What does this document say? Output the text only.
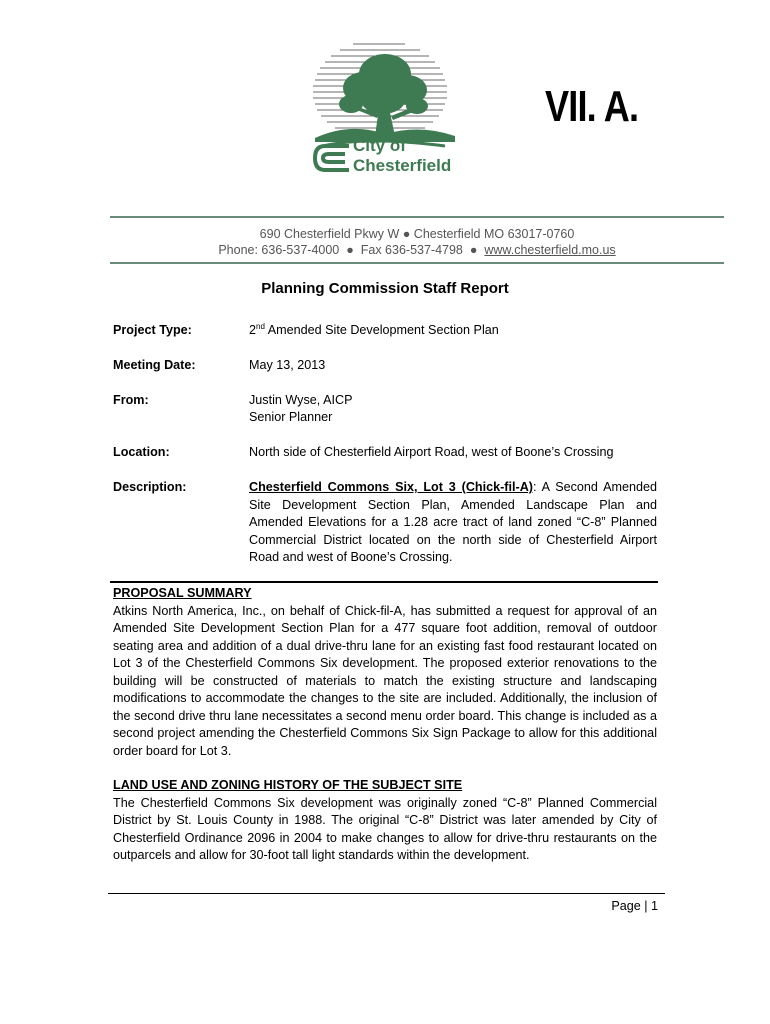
City of
Chesterfield
VII. A.
690 Chesterfield Pkwy W ● Chesterfield MO 63017-0760
Phone: 636-537-4000  ●  Fax 636-537-4798  ●  www.chesterfield.mo.us
Planning Commission Staff Report
Project Type:	2nd Amended Site Development Section Plan
Meeting Date:	May 13, 2013
From:	Justin Wyse, AICP
Senior Planner
Location:	North side of Chesterfield Airport Road, west of Boone’s Crossing
Description:	Chesterfield Commons Six, Lot 3 (Chick-fil-A): A Second Amended Site Development Section Plan, Amended Landscape Plan and Amended Elevations for a 1.28 acre tract of land zoned “C-8” Planned Commercial District located on the north side of Chesterfield Airport Road and west of Boone’s Crossing.
PROPOSAL SUMMARY
Atkins North America, Inc., on behalf of Chick-fil-A, has submitted a request for approval of an Amended Site Development Section Plan for a 477 square foot addition, removal of outdoor seating area and addition of a dual drive-thru lane for an existing fast food restaurant located on Lot 3 of the Chesterfield Commons Six development. The proposed exterior renovations to the building will be constructed of materials to match the existing structure and landscaping modifications to accommodate the changes to the site are included. Additionally, the inclusion of the second drive thru lane necessitates a second menu order board. This change is included as a second project amending the Chesterfield Commons Six Sign Package to allow for this additional order board for Lot 3.
LAND USE AND ZONING HISTORY OF THE SUBJECT SITE
The Chesterfield Commons Six development was originally zoned “C-8” Planned Commercial District by St. Louis County in 1988. The original “C-8” District was later amended by City of Chesterfield Ordinance 2096 in 2004 to make changes to allow for drive-thru restaurants on the outparcels and allow for 30-foot tall light standards within the development.
Page | 1
